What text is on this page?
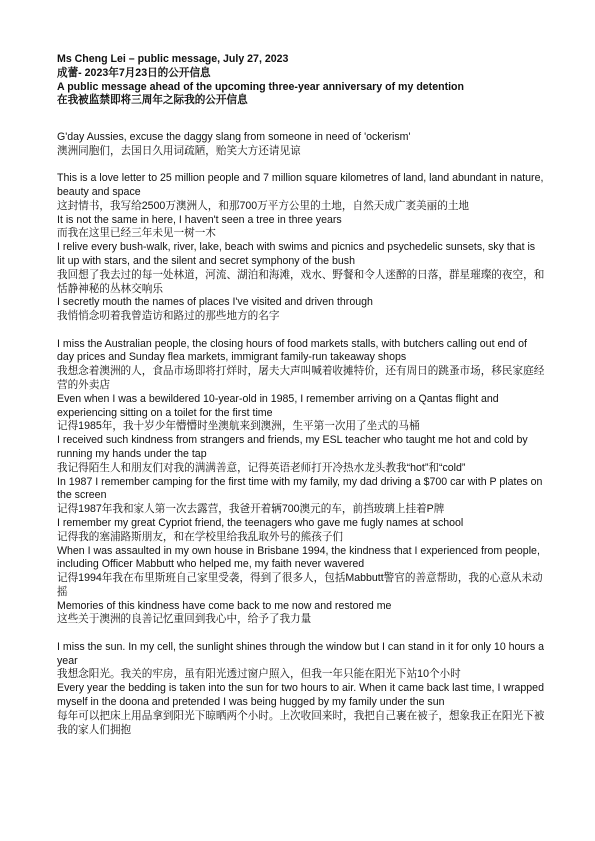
Ms Cheng Lei – public message, July 27, 2023

成蕾- 2023年7月23日的公开信息

A public message ahead of the upcoming three-year anniversary of my detention

在我被监禁即将三周年之际我的公开信息

G'day Aussies, excuse the daggy slang from someone in need of 'ockerism'

澳洲同胞们，去国日久用词疏陋，贻笑大方还请见谅

This is a love letter to 25 million people and 7 million square kilometres of land, land abundant in nature, beauty and space

这封情书，我写给2500万澳洲人，和那700万平方公里的土地，自然天成广袤美丽的土地

It is not the same in here, I haven't seen a tree in three years

而我在这里已经三年未见一树一木

I relive every bush-walk, river, lake, beach with swims and picnics and psychedelic sunsets, sky that is lit up with stars, and the silent and secret symphony of the bush

我回想了我去过的每一处林道，河流、湖泊和海滩，戏水、野餐和令人迷醉的日落，群星璀璨的夜空，和恬静神秘的丛林交响乐

I secretly mouth the names of places I've visited and driven through

我悄悄念叨着我曾造访和路过的那些地方的名字

I miss the Australian people, the closing hours of food markets stalls, with butchers calling out end of day prices and Sunday flea markets, immigrant family-run takeaway shops

我想念着澳洲的人，食品市场即将打烊时，屠夫大声叫喊着收摊特价，还有周日的跳蚤市场，移民家庭经营的外卖店

Even when I was a bewildered 10-year-old in 1985, I remember arriving on a Qantas flight and experiencing sitting on a toilet for the first time

记得1985年，我十岁少年懵懵时坐澳航来到澳洲，生平第一次用了坐式的马桶

I received such kindness from strangers and friends, my ESL teacher who taught me hot and cold by running my hands under the tap

我记得陌生人和朋友们对我的满满善意，记得英语老师打开冷热水龙头教我“hot”和“cold”

In 1987 I remember camping for the first time with my family, my dad driving a $700 car with P plates on the screen

记得1987年我和家人第一次去露营，我爸开着辆700澳元的车，前挡玻璃上挂着P牌

I remember my great Cypriot friend, the teenagers who gave me fugly names at school

记得我的塞浦路斯朋友，和在学校里给我乱取外号的熊孩子们

When I was assaulted in my own house in Brisbane 1994, the kindness that I experienced from people, including Officer Mabbutt who helped me, my faith never wavered

记得1994年我在布里斯班自己家里受袭，得到了很多人，包括Mabbutt警官的善意帮助，我的心意从未动摇

Memories of this kindness have come back to me now and restored me

这些关于澳洲的良善记忆重回到我心中，给予了我力量

I miss the sun. In my cell, the sunlight shines through the window but I can stand in it for only 10 hours a year

我想念阳光。我关的牢房，虽有阳光透过窗户照入，但我一年只能在阳光下站10个小时

Every year the bedding is taken into the sun for two hours to air. When it came back last time, I wrapped myself in the doona and pretended I was being hugged by my family under the sun

每年可以把床上用品拿到阳光下晾晒两个小时。上次收回来时，我把自己裹在被子，想象我正在阳光下被我的家人们拥抱
